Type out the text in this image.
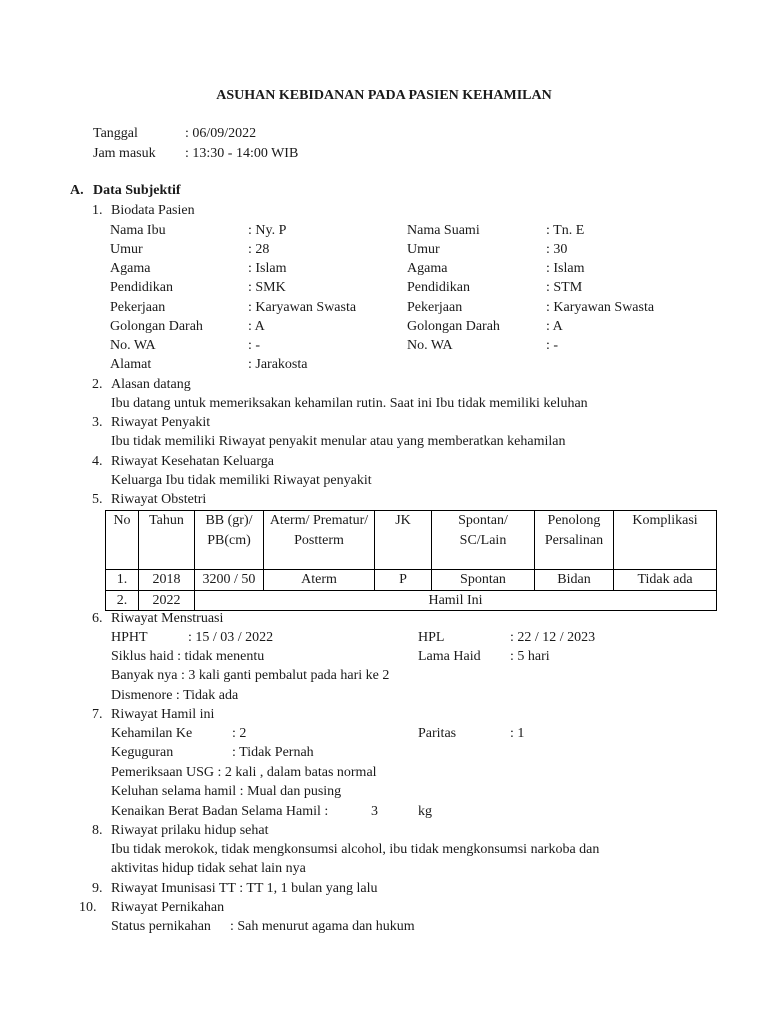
ASUHAN KEBIDANAN PADA PASIEN KEHAMILAN
Tanggal	: 06/09/2022
Jam masuk : 13:30 - 14:00 WIB
A. Data Subjektif
1. Biodata Pasien
Nama Ibu	: Ny. P
Umur	: 28
Agama	: Islam
Pendidikan	: SMK
Pekerjaan	: Karyawan Swasta
Golongan Darah	: A
No. WA	: -
Alamat	: Jarakosta
Nama Suami	: Tn. E
Umur	: 30
Agama	: Islam
Pendidikan	: STM
Pekerjaan	: Karyawan Swasta
Golongan Darah	: A
No. WA	: -
2. Alasan datang
Ibu datang untuk memeriksakan kehamilan rutin. Saat ini Ibu tidak memiliki keluhan
3. Riwayat Penyakit
Ibu tidak memiliki Riwayat penyakit menular atau yang memberatkan kehamilan
4. Riwayat Kesehatan Keluarga
Keluarga Ibu tidak memiliki Riwayat penyakit
5. Riwayat Obstetri
No	Tahun	BB (gr)/ PB(cm)	Aterm/ Prematur/ Postterm	JK	Spontan/ SC/Lain	Penolong Persalinan	Komplikasi
1.	2018	3200 / 50	Aterm	P	Spontan	Bidan	Tidak ada
2.	2022	Hamil Ini					
6. Riwayat Menstruasi
HPHT	: 15 / 03 / 2022	HPL	: 22 / 12 / 2023
Siklus haid : tidak menentu	Lama Haid : 5 hari
Banyak nya : 3 kali ganti pembalut pada hari ke 2
Dismenore : Tidak ada
7. Riwayat Hamil ini
Kehamilan Ke	: 2	Paritas	: 1
Keguguran	: Tidak Pernah
Pemeriksaan USG : 2 kali , dalam batas normal
Keluhan selama hamil : Mual dan pusing
Kenaikan Berat Badan Selama Hamil :	3	kg
8. Riwayat prilaku hidup sehat
Ibu tidak merokok, tidak mengkonsumsi alcohol, ibu tidak mengkonsumsi narkoba dan
aktivitas hidup tidak sehat lain nya
9. Riwayat Imunisasi TT : TT 1, 1 bulan yang lalu
10. Riwayat Pernikahan
Status pernikahan : Sah menurut agama dan hukum
